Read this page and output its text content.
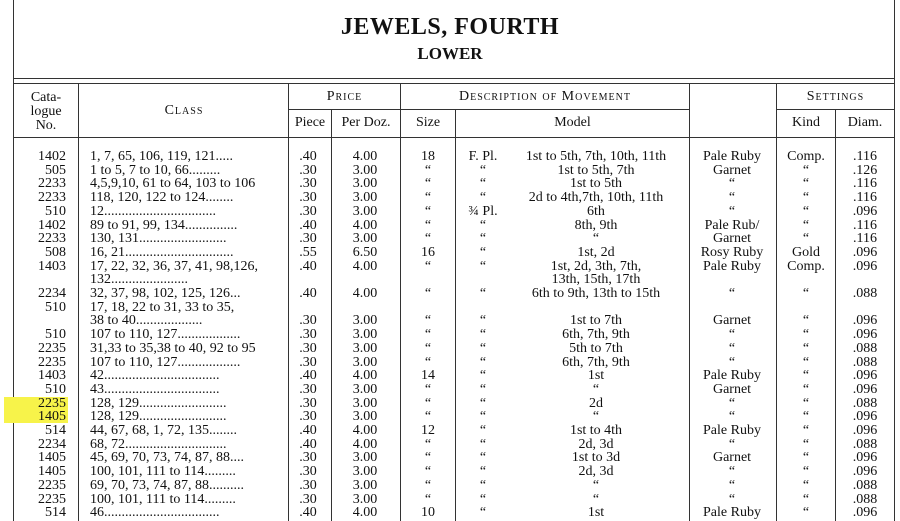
JEWELS, FOURTH
LOWER
Cata-
logue
No.
Class
Price
Piece	Per Doz.
Description of Movement
Size	Model
Settings
Kind	Diam.
1402 1, 7, 65, 106, 119, 121.....	.40	4.00	18	F. Pl.	1st to 5th, 7th, 10th, 11th	Pale Ruby	Comp.	.116
505 1 to 5, 7 to 10, 66.........	.30	3.00	“	“	1st to 5th, 7th	Garnet	“	.126
2233 4,5,9,10, 61 to 64, 103 to 106	.30	3.00	“	“	1st to 5th	“	“	.116
2233 118, 120, 122 to 124........	.30	3.00	“	“	2d to 4th,7th, 10th, 11th	“	“	.116
510 12................................	.30	3.00	“	¾ Pl.	6th	“	“	.096
1402 89 to 91, 99, 134...............	.40	4.00	“	“	8th, 9th	Pale Rub/	“	.116
2233 130, 131.........................	.30	3.00	“	“	“	Garnet	“	.116
508 16, 21...............................	.55	6.50	16	“	1st, 2d	Rosy Ruby	Gold	.096
1403 17, 22, 32, 36, 37, 41, 98,126,	.40	4.00	“	“	1st, 2d, 3th, 7th,	Pale Ruby	Comp.	.096
132......................	13th, 15th, 17th
2234 32, 37, 98, 102, 125, 126...	.40	4.00	“	“	6th to 9th, 13th to 15th	“	“	.088
510 17, 18, 22 to 31, 33 to 35,
38 to 40...................	.30	3.00	“	“	1st to 7th	Garnet	“	.096
510 107 to 110, 127..................	.30	3.00	“	“	6th, 7th, 9th	“	“	.096
2235 31,33 to 35,38 to 40, 92 to 95	.30	3.00	“	“	5th to 7th	“	“	.088
2235 107 to 110, 127..................	.30	3.00	“	“	6th, 7th, 9th	“	“	.088
1403 42.................................	.40	4.00	14	“	1st	Pale Ruby	“	.096
510 43.................................	.30	3.00	“	“	“	Garnet	“	.096
2235 128, 129.........................	.30	3.00	“	“	2d	“	“	.088
1405 128, 129.........................	.30	3.00	“	“	“	“	“	.096
514 44, 67, 68, 1, 72, 135........	.40	4.00	12	“	1st to 4th	Pale Ruby	“	.096
2234 68, 72.............................	.40	4.00	“	“	2d, 3d	“	“	.088
1405 45, 69, 70, 73, 74, 87, 88....	.30	3.00	“	“	1st to 3d	Garnet	“	.096
1405 100, 101, 111 to 114.........	.30	3.00	“	“	2d, 3d	“	“	.096
2235 69, 70, 73, 74, 87, 88..........	.30	3.00	“	“	“	“	“	.088
2235 100, 101, 111 to 114.........	.30	3.00	“	“	“	“	“	.088
514 46.................................	.40	4.00	10	“	1st	Pale Ruby	“	.096
